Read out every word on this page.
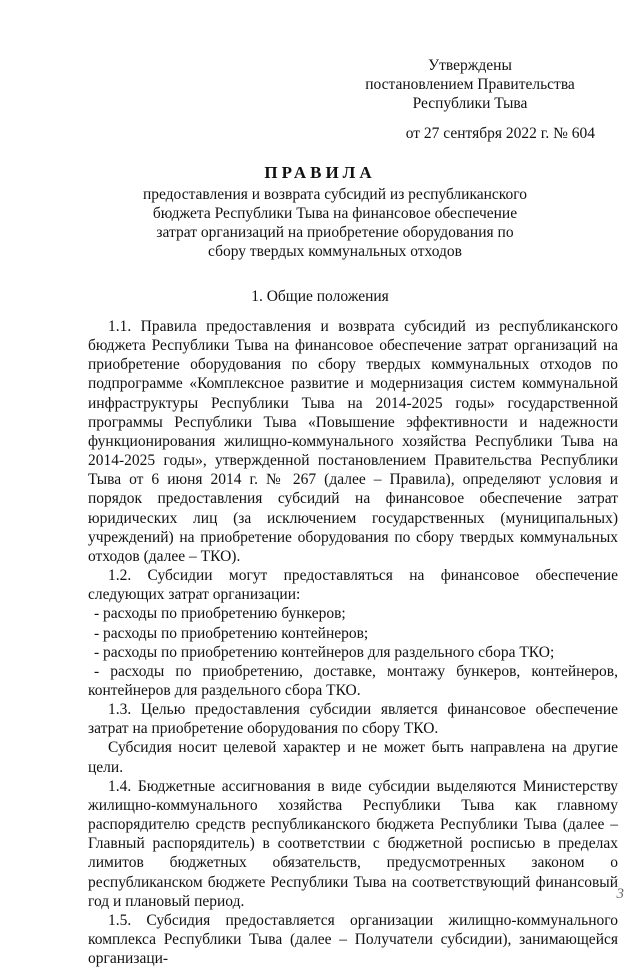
Утверждены
постановлением Правительства
Республики Тыва
от 27 сентября 2022 г. № 604
ПРАВИЛА
предоставления и возврата субсидий из республиканского бюджета Республики Тыва на финансовое обеспечение затрат организаций на приобретение оборудования по сбору твердых коммунальных отходов
1. Общие положения

1.1. Правила предоставления и возврата субсидий из республиканского бюджета Республики Тыва на финансовое обеспечение затрат организаций на приобретение оборудования по сбору твердых коммунальных отходов по подпрограмме «Комплексное развитие и модернизация систем коммунальной инфраструктуры Республики Тыва на 2014-2025 годы» государственной программы Республики Тыва «Повышение эффективности и надежности функционирования жилищно-коммунального хозяйства Республики Тыва на 2014-2025 годы», утвержденной постановлением Правительства Республики Тыва от 6 июня 2014 г. № 267 (далее – Правила), определяют условия и порядок предоставления субсидий на финансовое обеспечение затрат юридических лиц (за исключением государственных (муниципальных) учреждений) на приобретение оборудования по сбору твердых коммунальных отходов (далее – ТКО).

1.2. Субсидии могут предоставляться на финансовое обеспечение следующих затрат организации:

- расходы по приобретению бункеров;

- расходы по приобретению контейнеров;

- расходы по приобретению контейнеров для раздельного сбора ТКО;

- расходы по приобретению, доставке, монтажу бункеров, контейнеров, контейнеров для раздельного сбора ТКО.

1.3. Целью предоставления субсидии является финансовое обеспечение затрат на приобретение оборудования по сбору ТКО.

Субсидия носит целевой характер и не может быть направлена на другие цели.

1.4. Бюджетные ассигнования в виде субсидии выделяются Министерству жилищно-коммунального хозяйства Республики Тыва как главному распорядителю средств республиканского бюджета Республики Тыва (далее – Главный распорядитель) в соответствии с бюджетной росписью в пределах лимитов бюджетных обязательств, предусмотренных законом о республиканском бюджете Республики Тыва на соответствующий финансовый год и плановый период.

1.5. Субсидия предоставляется организации жилищно-коммунального комплекса Республики Тыва (далее – Получатели субсидии), занимающейся организаци-

3
